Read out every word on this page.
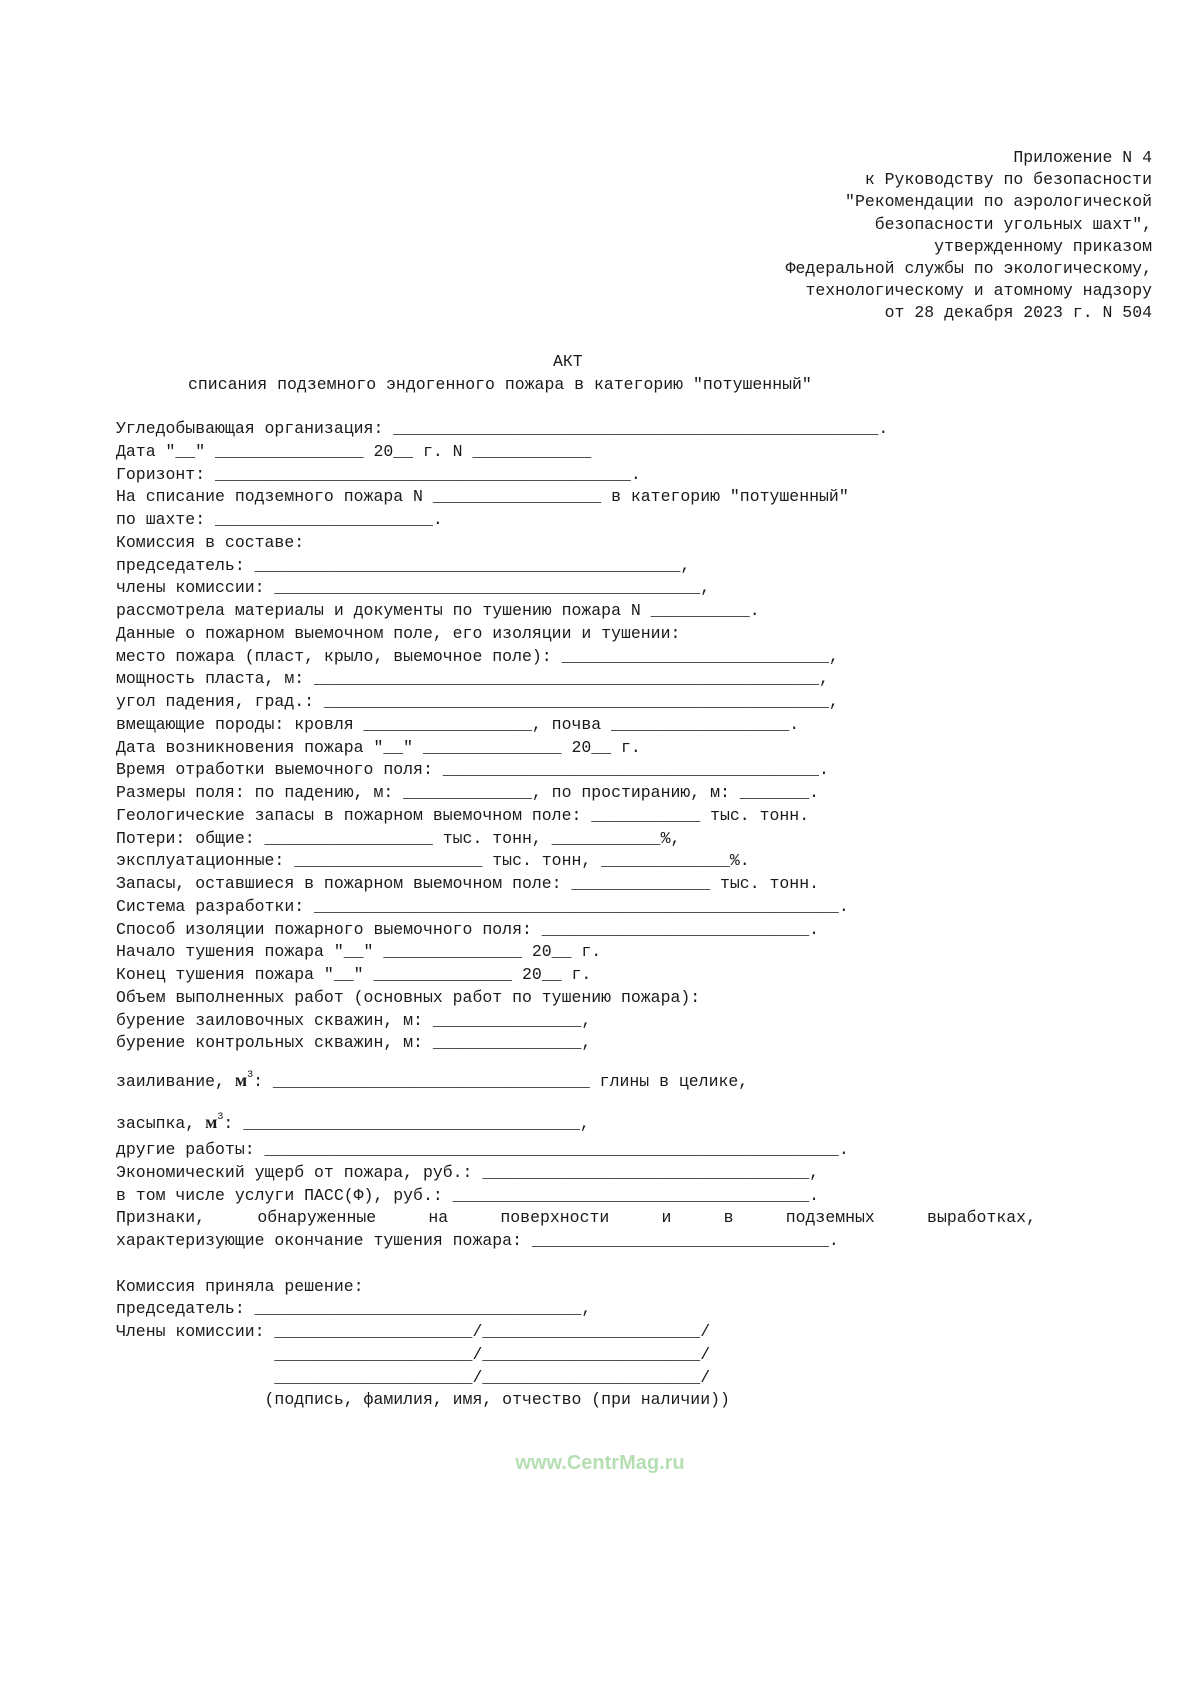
Приложение N 4
к Руководству по безопасности
"Рекомендации по аэрологической
безопасности угольных шахт",
утвержденному приказом
Федеральной службы по экологическому,
технологическому и атомному надзору
от 28 декабря 2023 г. N 504
АКТ
списания подземного эндогенного пожара в категорию "потушенный"
Угледобывающая организация: _________________________________________________.
Дата "__" _______________ 20__ г. N ____________
Горизонт: __________________________________________.
На списание подземного пожара N _________________ в категорию "потушенный"
по шахте: ______________________.
Комиссия в составе:
председатель: ___________________________________________,
члены комиссии: ___________________________________________,
рассмотрела материалы и документы по тушению пожара N __________.
Данные о пожарном выемочном поле, его изоляции и тушении:
место пожара (пласт, крыло, выемочное поле): ___________________________,
мощность пласта, м: ___________________________________________________,
угол падения, град.: ___________________________________________________,
вмещающие породы: кровля _________________, почва __________________.
Дата возникновения пожара "__" ______________ 20__ г.
Время отработки выемочного поля: ______________________________________.
Размеры поля: по падению, м: _____________, по простиранию, м: _______.
Геологические запасы в пожарном выемочном поле: ___________ тыс. тонн.
Потери: общие: _________________ тыс. тонн, ___________%,
эксплуатационные: ___________________ тыс. тонн, _____________%.
Запасы, оставшиеся в пожарном выемочном поле: ______________ тыс. тонн.
Система разработки: _____________________________________________________.
Способ изоляции пожарного выемочного поля: ___________________________.
Начало тушения пожара "__" ______________ 20__ г.
Конец тушения пожара "__" ______________ 20__ г.
Объем выполненных работ (основных работ по тушению пожара):
бурение заиловочных скважин, м: _______________,
бурение контрольных скважин, м: _______________,
заиливание, $м^3$: ________________________________ глины в целике,
засыпка, $м^3$: __________________________________,
другие работы: __________________________________________________________.
Экономический ущерб от пожара, руб.: _________________________________,
в том числе услуги ПАСС(Ф), руб.: ____________________________________.
Признаки,	обнаруженные	на	поверхности	и	в	подземных	выработках,
характеризующие окончание тушения пожара: ______________________________.
Комиссия приняла решение:
председатель: _________________________________,
Члены комиссии: ____________________/______________________/
____________________/______________________/
____________________/______________________/
(подпись, фамилия, имя, отчество (при наличии))
www.CentrMag.ru
